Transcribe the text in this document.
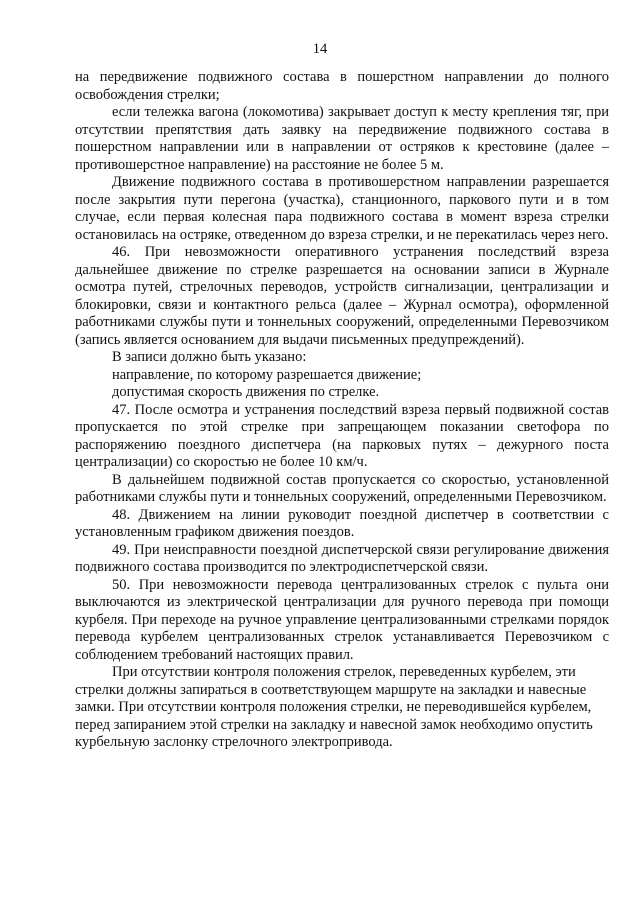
14

на передвижение подвижного состава в пошерстном направлении до полного освобождения стрелки;

если тележка вагона (локомотива) закрывает доступ к месту крепления тяг, при отсутствии препятствия дать заявку на передвижение подвижного состава в пошерстном направлении или в направлении от остряков к крестовине (далее – противошерстное направление) на расстояние не более 5 м.

Движение подвижного состава в противошерстном направлении разрешается после закрытия пути перегона (участка), станционного, паркового пути и в том случае, если первая колесная пара подвижного состава в момент взреза стрелки остановилась на остряке, отведенном до взреза стрелки, и не перекатилась через него.

46. При невозможности оперативного устранения последствий взреза дальнейшее движение по стрелке разрешается на основании записи в Журнале осмотра путей, стрелочных переводов, устройств сигнализации, централизации и блокировки, связи и контактного рельса (далее – Журнал осмотра), оформленной работниками службы пути и тоннельных сооружений, определенными Перевозчиком (запись является основанием для выдачи письменных предупреждений).

В записи должно быть указано:

направление, по которому разрешается движение;

допустимая скорость движения по стрелке.

47. После осмотра и устранения последствий взреза первый подвижной состав пропускается по этой стрелке при запрещающем показании светофора по распоряжению поездного диспетчера (на парковых путях – дежурного поста централизации) со скоростью не более 10 км/ч.

В дальнейшем подвижной состав пропускается со скоростью, установленной работниками службы пути и тоннельных сооружений, определенными Перевозчиком.

48. Движением на линии руководит поездной диспетчер в соответствии с установленным графиком движения поездов.

49. При неисправности поездной диспетчерской связи регулирование движения подвижного состава производится по электродиспетчерской связи.

50. При невозможности перевода централизованных стрелок с пульта они выключаются из электрической централизации для ручного перевода при помощи курбеля. При переходе на ручное управление централизованными стрелками порядок перевода курбелем централизованных стрелок устанавливается Перевозчиком с соблюдением требований настоящих правил.

При отсутствии контроля положения стрелок, переведенных курбелем, эти стрелки должны запираться в соответствующем маршруте на закладки и навесные замки. При отсутствии контроля положения стрелки, не переводившейся курбелем, перед запиранием этой стрелки на закладку и навесной замок необходимо опустить курбельную заслонку стрелочного электропривода.
